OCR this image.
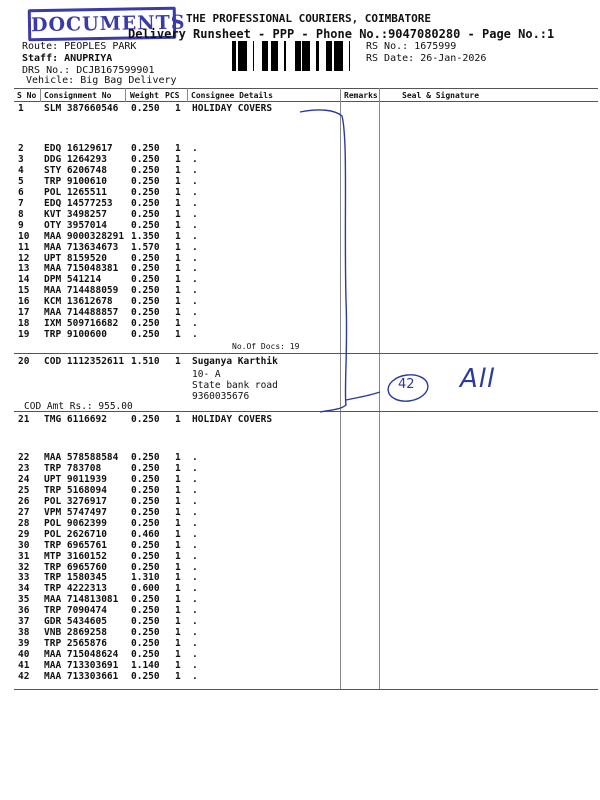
DOCUMENTS THE PROFESSIONAL COURIERS, COIMBATORE
Delivery Runsheet - PPP - Phone No.:9047080280 - Page No.:1
Route: PEOPLES PARK
Staff: ANUPRIYA
DRS No.: DCJB167599901
Vehicle: Big Bag Delivery
RS No.: 1675999
RS Date: 26-Jan-2026
S No Consignment No Weight PCS Consignee Details	Remarks	Seal & Signature
1 SLM 387660546 0.250 1 HOLIDAY COVERS
2 EDQ 16129617 0.250 1 .
3 DDG 1264293	0.250 1 .
4 STY 6206748	0.250 1 .
5 TRP 9100610	0.250 1 .
6 POL 1265511	0.250 1 .
7 EDQ 14577253 0.250 1 .
8 KVT 3498257	0.250 1 .
9 OTY 3957014	0.250 1 .
10 MAA 9000328291 1.350 1 .
11 MAA 713634673 1.570 1 .
12 UPT 8159520	0.250 1 .
13 MAA 715048381 0.250 1 .
14 DPM 541214	0.250 1 .
15 MAA 714488059 0.250 1 .
16 KCM 13612678 0.250 1 .
17 MAA 714488857 0.250 1 .
18 IXM 509716682 0.250 1 .
19 TRP 9100600	0.250 1 .
No.Of Docs: 19
20 COD 1112352611 1.510 1 Suganya Karthik
10- A
State bank road
9360035676
COD Amt Rs.: 955.00
21 TMG 6116692	0.250 1 HOLIDAY COVERS
22 MAA 578588584 0.250 1 .
23 TRP 783708	0.250 1 .
24 UPT 9011939	0.250 1 .
25 TRP 5168094	0.250 1 .
26 POL 3276917	0.250 1 .
27 VPM 5747497	0.250 1 .
28 POL 9062399	0.250 1 .
29 POL 2626710	0.460 1 .
30 TRP 6965761	0.250 1 .
31 MTP 3160152	0.250 1 .
32 TRP 6965760	0.250 1 .
33 TRP 1580345	1.310 1 .
34 TRP 4222313	0.600 1 .
35 MAA 714813081 0.250 1 .
36 TRP 7090474	0.250 1 .
37 GDR 5434605	0.250 1 .
38 VNB 2869258	0.250 1 .
39 TRP 2565876	0.250 1 .
40 MAA 715048624 0.250 1 .
41 MAA 713303691 1.140 1 .
42 MAA 713303661 0.250 1 .
42 All
